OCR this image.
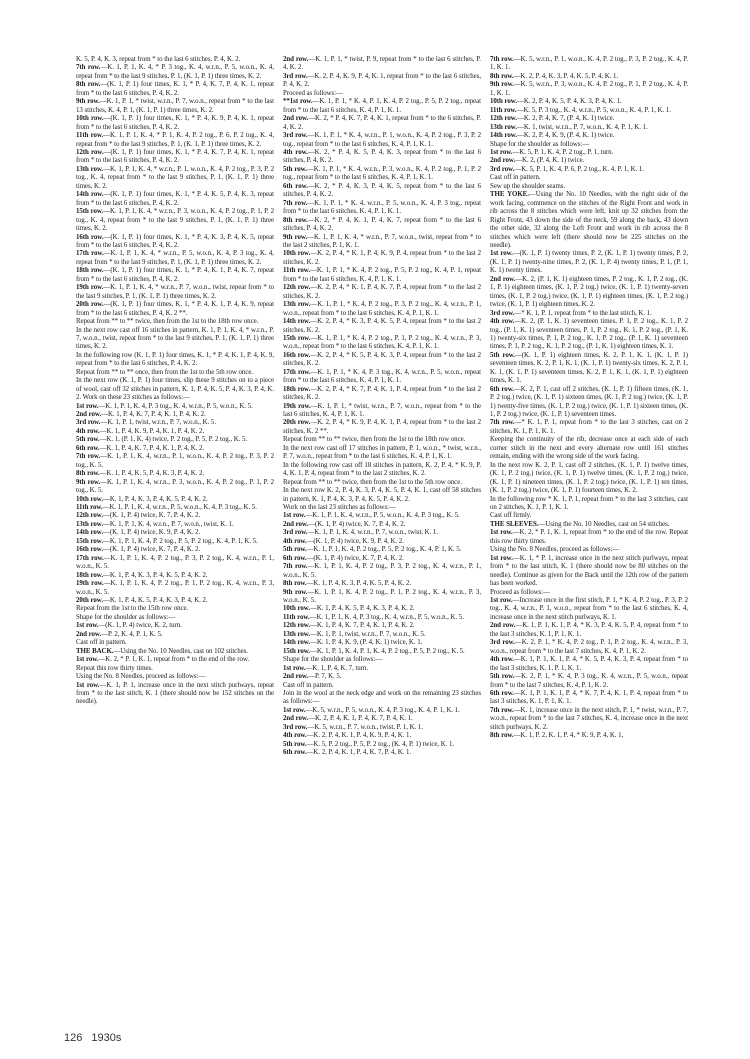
K. 5, P. 4, K. 3, repeat from * to the last 6 stitches, P. 4, K. 2.

7th row.—K. 1, P. 1, K. 4, * P. 3 tog., K. 4, w.r.n., P. 5, w.o.n., K. 4, repeat from * to the last 9 stitches, P. 1, (K. 1, P. 1) three times, K. 2.

8th row.—(K. 1, P. 1) four times, K. 1, * P. 4, K. 7, P. 4, K. 1, repeat from * to the last 6 stitches, P. 4, K. 2.

9th row.—K. 1, P. 1, * twist, w.r.n., P. 7, w.o.n., repeat from * to the last 13 stitches, K. 4, P. 1, (K. 1, P. 1) three times, K. 2.

10th row.—(K. 1, P. 1) four times, K. 1, * P. 4, K. 9, P. 4, K. 1, repeat from * to the last 6 stitches, P. 4, K. 2.

11th row.—K. 1, P. 1, K. 4, * P. 1, K. 4, P. 2 tog., P. 6, P. 2 tog., K. 4, repeat from * to the last 9 stitches, P. 1, (K. 1, P. 1) three times, K. 2.

12th row.—(K. 1, P. 1) four times, K. 1, * P. 4, K. 7, P. 4, K. 1, repeat from * to the last 6 stitches, P. 4, K. 2.

13th row.—K. 1, P. 1, K. 4, * w.r.n., P. 1, w.o.n., K. 4, P. 2 tog., P. 3, P. 2 tog., K. 4, repeat from * to the last 9 stitches, P. 1, (K. 1, P. 1) three times, K. 2.

14th row.—(K. 1, P. 1) four times, K. 1, * P. 4, K. 5, P. 4, K. 3, repeat from * to the last 6 stitches, P. 4, K. 2.

15th row.—K. 1, P. 1, K. 4, * w.r.n., P. 3, w.o.n., K. 4, P. 2 tog., P. 1, P. 2 tog., K. 4, repeat from * to the last 9 stitches, P. 1, (K. 1, P. 1) three times, K. 2.

16th row.—(K. 1, P. 1) four times, K. 1, * P. 4, K. 3, P. 4, K. 5, repeat from * to the last 6 stitches, P. 4, K. 2.

17th row.—K. 1, P. 1, K. 4, * w.r.n., P. 5, w.o.n., K. 4, P. 3 tog., K. 4, repeat from * to the last 9 stitches, P. 1, (K. 1, P. 1) three times, K. 2.

18th row.—(K. 1, P. 1) four times, K. 1, * P. 4, K. 1, P. 4, K. 7, repeat from * to the last 6 stitches, P. 4, K. 2.

19th row.—K. 1, P. 1, K. 4, * w.r.n., P. 7, w.o.n., twist, repeat from * to the last 9 stitches, P. 1, (K. 1, P. 1) three times, K. 2.

20th row.—(K. 1, P. 1) four times, K. 1, * P. 4, K. 1, P. 4, K. 9, repeat from * to the last 6 stitches, P. 4, K. 2 **.

Repeat from ** to ** twice, then from the 1st to the 18th row once.

In the next row cast off 16 stitches in pattern, K. 1, P. 1, K. 4, * w.r.n., P. 7, w.o.n., twist, repeat from * to the last 9 stitches, P. 1, (K. 1, P. 1) three times, K. 2.

In the following row (K. 1, P. 1) four times, K. 1, * P. 4, K. 1, P. 4, K. 9, repeat from * to the last 6 stitches, P. 4, K. 2.

Repeat from ** to ** once, then from the 1st to the 5th row once.

In the next row (K. 1, P. 1) four times, slip these 9 stitches on to a piece of wool, cast off 32 stitches in pattern, K. 1, P. 4, K. 5, P. 4, K. 3, P. 4, K. 2. Work on these 23 stitches as follows:—

1st row.—K. 1, P. 1, K. 4, P. 3 tog., K. 4, w.r.n., P. 5, w.o.n., K. 5.

2nd row.—K. 1, P. 4, K. 7, P. 4, K. 1, P. 4, K. 2.

3rd row.—K. 1, P. 1, twist, w.r.n., P. 7, w.o.n., K. 5.

4th row.—K. 1, P. 4, K. 9, P. 4, K. 1, P. 4, K. 2.

5th row.—K. 1, (P. 1, K. 4) twice, P. 2 tog., P. 5, P. 2 tog., K. 5.

6th row.—K. 1, P. 4, K. 7, P. 4, K. 1, P. 4, K. 2.

7th row.—K. 1, P. 1, K. 4, w.r.n., P. 1, w.o.n., K. 4, P. 2 tog., P. 3, P. 2 tog., K. 5.

8th row.—K. 1, P. 4, K. 5, P. 4, K. 3, P. 4, K. 2.

9th row.—K. 1, P. 1, K. 4, w.r.n., P. 3, w.o.n., K. 4, P. 2 tog., P. 1, P. 2 tog., K. 5.

10th row.—K. 1, P. 4, K. 3, P. 4, K. 5, P. 4, K. 2.

11th row.—K. 1, P. 1, K. 4, w.r.n., P. 5, w.o.n., K. 4, P. 3 tog., K. 5.

12th row.—(K. 1, P. 4) twice, K. 7, P. 4, K. 2.

13th row.—K. 1, P. 1, K. 4, w.r.n., P. 7, w.o.n., twist, K. 1.

14th row.—(K. 1, P. 4) twice, K. 9, P. 4, K. 2.

15th row.—K. 1, P. 1, K. 4, P. 2 tog., P. 5, P. 2 tog., K. 4, P. 1, K. 5.

16th row.—(K. 1, P. 4) twice, K. 7, P. 4, K. 2.

17th row.—K. 1, P. 1, K. 4, P. 2 tog., P. 3, P. 2 tog., K. 4, w.r.n., P. 1, w.o.n., K. 5.

18th row.—K. 1, P. 4, K. 3, P. 4, K. 5, P. 4, K. 2.

19th row.—K. 1, P. 1, K. 4, P. 2 tog., P. 1, P. 2 tog., K. 4, w.r.n., P. 3, w.o.n., K. 5.

20th row.—K. 1, P. 4, K. 5, P. 4, K. 3, P. 4, K. 2.

Repeat from the 1st to the 15th row once.

Shape for the shoulder as follows:—

1st row.—(K. 1, P. 4) twice, K. 2, turn.

2nd row.—P. 2, K. 4, P. 1, K. 5.

Cast off in pattern.

THE BACK.—Using the No. 10 Needles, cast on 102 stitches.

1st row.—K. 2, * P. 1, K. 1, repeat from * to the end of the row.

Repeat this row thirty times.

Using the No. 8 Needles, proceed as follows:—

1st row.—K. 1, P. 1, increase once in the next stitch purlways, repeat from * to the last stitch, K. 1 (there should now be 152 stitches on the needle).

2nd row.—K. 1, P. 1, * twist, P. 9, repeat from * to the last 6 stitches, P. 4, K. 2.

3rd row.—K. 2, P. 4, K. 9, P. 4, K. 1, repeat from * to the last 6 stitches, P. 4, K. 2.

Proceed as follows:—

**1st row.—K. 1, P. 1, * K. 4, P. 1, K. 4, P. 2 tog., P. 5, P. 2 tog., repeat from * to the last 6 stitches, K. 4, P. 1, K. 1.

2nd row.—K. 2, * P. 4, K. 7, P. 4, K. 1, repeat from * to the 6 stitches, P. 4, K. 2.

3rd row.—K. 1, P. 1, * K. 4, w.r.n., P. 1, w.o.n., K. 4, P. 2 tog., P. 3, P. 2 tog., repeat from * to the last 6 stitches, K. 4, P. 1, K. 1.

4th row.—K. 2, * P. 4, K. 5, P. 4, K. 3, repeat from * to the last 6 stitches, P. 4, K. 2.

5th row.—K. 1, P. 1, * K. 4, w.r.n., P. 3, w.o.n., K. 4, P. 2 tog., P. 1, P. 2 tog., repeat from * to the last 6 stitches, K. 4, P. 1, K. 1.

6th row.—K. 2, * P. 4, K. 3, P. 4, K. 5, repeat from * to the last 6 stitches, P. 4, K. 2.

7th row.—K. 1, P. 1, * K. 4, w.r.n., P. 5, w.o.n., K. 4, P. 3 tog., repeat from * to the last 6 stitches, K. 4, P. 1, K. 1.

8th row.—K. 2, * P. 4, K. 1, P. 4, K. 7, repeat from * to the last 6 stitches, P. 4, K. 2.

9th row.—K. 1, P. 1, K. 4, * w.r.n., P. 7, w.o.n., twist, repeat from * to the last 2 stitches, P. 1, K. 1.

10th row.—K. 2, P. 4, * K. 1, P. 4, K. 9, P. 4, repeat from * to the last 2 stitches, K. 2.

11th row.—K. 1, P. 1, * K. 4, P. 2 tog., P. 5, P. 2 tog., K. 4, P. 1, repeat from * to the last 6 stitches, K. 4, P. 1, K. 1.

12th row.—K. 2, P. 4, * K. 1, P. 4, K. 7, P. 4, repeat from * to the last 2 stitches, K. 2.

13th row.—K. 1, P. 1, * K. 4, P. 2 tog., P. 3, P. 2 tog., K. 4, w.r.n., P. 1, w.o.n., repeat from * to the last 6 stitches, K. 4, P. 1, K. 1.

14th row.—K. 2, P. 4, * K. 3, P. 4, K. 5, P. 4, repeat from * to the last 2 stitches, K. 2.

15th row.—K. 1, P. 1, * K. 4, P. 2 tog., P. 1, P. 2 tog., K. 4, w.r.n., P. 3, w.o.n., repeat from * to the last 6 stitches, K. 4, P. 1, K. 1.

16th row.—K. 2, P. 4, * K. 5, P. 4, K. 3, P. 4, repeat from * to the last 2 stitches, K. 2.

17th row.—K. 1, P. 1, * K. 4, P. 3 tog., K. 4, w.r.n., P. 5, w.o.n., repeat from * to the last 6 stitches, K. 4, P. 1, K. 1.

18th row.—K. 2, P. 4, * K. 7, P. 4, K. 1, P. 4, repeat from * to the last 2 stitches, K. 2.

19th row.—K. 1, P. 1, * twist, w.r.n., P. 7, w.o.n., repeat from * to the last 6 stitches, K. 4, P. 1, K. 1.

20th row.—K. 2, P. 4, * K. 9, P. 4, K. 1, P. 4, repeat from * to the last 2 stitches, K. 2 **.

Repeat from ** to ** twice, then from the 1st to the 18th row once.

In the next row cast off 17 stitches in pattern, P. 1, w.o.n., * twist, w.r.n., P. 7, w.o.n., repeat from * to the last 6 stitches, K. 4, P. 1, K. 1.

In the following row cast off 18 stitches in pattern, K. 2, P. 4, * K. 9, P. 4, K. 1, P. 4, repeat from * to the last 2 stitches, K. 2.

Repeat from ** to ** twice, then from the 1st to the 5th row once.

In the next row K. 2, P. 4, K. 3, P. 4, K. 5, P. 4, K. 1, cast off 58 stitches in pattern, K. 1, P. 4, K. 3, P. 4, K. 5, P. 4, K. 2.

Work on the last 23 stitches as follows:—

1st row.—K. 1, P. 1, K. 4, w.r.n., P. 5, w.o.n., K. 4, P. 3 tog., K. 5.

2nd row.—(K. 1, P. 4) twice, K. 7, P. 4, K. 2.

3rd row.—K. 1, P. 1, K. 4, w.r.n., P. 7, w.o.n., twist, K. 1.

4th row.—(K. 1, P. 4) twice, K. 9, P. 4, K. 2.

5th row.—K. 1, P. 1, K. 4, P. 2 tog., P. 5, P. 2 tog., K. 4, P. 1, K. 5.

6th row.—(K. 1, P. 4) twice, K. 7, P. 4, K. 2.

7th row.—K. 1, P. 1, K. 4, P. 2 tog., P. 3, P. 2 tog., K. 4, w.r.n., P. 1, w.o.n., K. 5.

8th row.—K. 1, P. 4, K. 3, P. 4, K. 5, P. 4, K. 2.

9th row.—K. 1, P. 1, K. 4, P. 2 tog., P. 1, P. 2 tog., K. 4, w.r.n., P. 3, w.o.n., K. 5.

10th row.—K. 1, P. 4, K. 5, P. 4, K. 3, P. 4, K. 2.

11th row.—K. 1, P. 1, K. 4, P. 3 tog., K. 4, w.r.n., P. 5, w.o.n., K. 5.

12th row.—K. 1, P. 4, K. 7, P. 4, K. 1, P. 4, K. 2.

13th row.—K. 1, P. 1, twist, w.r.n., P. 7, w.o.n., K. 5.

14th row.—K. 1, P. 4, K. 9, (P. 4, K. 1) twice, K. 1.

15th row.—K. 1, P. 1, K. 4, P. 1, K. 4, P. 2 tog., P. 5, P. 2 tog., K. 5.

Shape for the shoulder as follows:—

1st row.—K. 1, P. 4, K. 7, turn.

2nd row.—P. 7, K. 5.

Cast off in pattern.

Join in the wool at the neck edge and work on the remaining 23 stitches as follows:—

1st row.—K. 5, w.r.n., P. 5, w.o.n., K. 4, P. 3 tog., K. 4, P. 1, K. 1.

2nd row.—K. 2, P. 4, K. 1, P. 4, K. 7, P. 4, K. 1.

3rd row.—K. 5, w.r.n., P. 7, w.o.n., twist, P. 1, K. 1.

4th row.—K. 2, P. 4, K. 1, P. 4, K. 9, P. 4, K. 1.

5th row.—K. 5, P. 2 tog., P. 5, P. 2 tog., (K. 4, P. 1) twice, K. 1.

6th row.—K. 2, P. 4, K. 1, P. 4, K. 7, P. 4, K. 1.

7th row.—K. 5, w.r.n., P. 1, w.o.n., K. 4, P. 2 tog., P. 3, P. 2 tog., K. 4, P. 1, K. 1.

8th row.—K. 2, P. 4, K. 3, P. 4, K. 5, P. 4, K. 1.

9th row.—K. 5, w.r.n., P. 3, w.o.n., K. 4, P. 2 tog., P. 1, P. 2 tog., K. 4, P. 1, K. 1.

10th row.—K. 2, P. 4, K. 5, P. 4, K. 3, P. 4, K. 1.

11th row.—K. 5, P. 3 tog., K. 4, w.r.n., P. 5, w.o.n., K. 4, P. 1, K. 1.

12th row.—K. 2, P. 4, K. 7, (P. 4, K. 1) twice.

13th row.—K. 1, twist, w.r.n., P. 7, w.o.n., K. 4, P. 1, K. 1.

14th row.—K. 2, P. 4, K. 9, (P. 4, K. 1) twice.

Shape for the shoulder as follows:—

1st row.—K. 5, P. 1, K. 4, P. 2 tog., P. 1, turn.

2nd row.—K. 2, (P. 4, K. 1) twice.

3rd row.—K. 5, P. 1, K. 4, P. 6, P. 2 tog., K. 4, P. 1, K. 1.

Cast off in pattern.

Sew up the shoulder seams.

THE YOKE.—Using the No. 10 Needles, with the right side of the work facing, commence on the stitches of the Right Front and work in rib across the 8 stitches which were left, knit up 32 stitches from the Right Front, 43 down the side of the neck, 59 along the back, 43 down the other side, 32 along the Left Front and work in rib across the 8 stitches which were left (there should now be 225 stitches on the needle).

1st row.—(K. 1, P. 1) twenty times, P. 2, (K. 1, P. 1) twenty times, P. 2, (K. 1, P. 1) twenty-nine times, P. 2, (K. 1, P. 4) twenty times, P. 1, (P. 1, K. 1) twenty times.

2nd row.—K. 2, (P. 1, K. 1) eighteen times, P. 2 tog., K. 1, P. 2 tog., (K. 1, P. 1) eighteen times, (K. 1, P. 2 tog.) twice, (K. 1, P. 1) twenty-seven times, (K. 1, P. 2 tog.) twice, (K. 1, P. 1) eighteen times, (K. 1, P. 2 tog.) twice, (K. 1, P. 1) eighteen times, K. 2.

3rd row.—* K. 1, P. 1, repeat from * to the last stitch, K. 1.

4th row.—K. 2, (P. 1, K. 1) seventeen times, P. 1, P. 2 tog., K. 1, P. 2 tog., (P. 1, K. 1) seventeen times, P. 1, P. 2 tog., K. 1, P. 2 tog., (P. 1, K. 1) twenty-six times, P. 1, P. 2 tog., K. 1, P. 2 tog., (P. 1, K. 1) seventeen times, P. 1, P. 2 tog., K. 1, P. 2 tog., (P. 1, K. 1) eighteen times, K. 1.

5th row.—(K. 1, P. 1) eighteen times, K. 2, P. 1, K. 1, (K. 1, P. 1) seventeen times, K. 2, P. 1, K. 1, (K. 1, P. 1) twenty-six times, K. 2, P. 1, K. 1, (K. 1, P. 1) seventeen times, K. 2, P. 1, K. 1, (K. 1, P. 1) eighteen times, K. 1.

6th row.—K. 2, P. 1, cast off 2 stitches, (K. 1, P. 1) fifteen times, (K. 1, P. 2 tog.) twice, (K. 1, P. 1) sixteen times, (K. 1, P. 2 tog.) twice, (K. 1, P. 1) twenty-five times, (K. 1, P. 2 tog.) twice, (K. 1, P. 1) sixteen times, (K. 1, P. 2 tog.) twice, (K. 1, P. 1) seventeen times.

7th row.—* K. 1, P. 1, repeat from * to the last 3 stitches, cast on 2 stitches, K. 1, P. 1, K. 1.

Keeping the continuity of the rib, decrease once at each side of each corner stitch in the next and every alternate row until 161 stitches remain, ending with the wrong side of the work facing.

In the next row K. 2, P. 1, cast off 2 stitches, (K. 1, P. 1) twelve times, (K. 1, P. 2 tog.) twice, (K. 1, P. 1) twelve times, (K. 1, P. 2 tog.) twice, (K. 1, P. 1) nineteen times, (K. 1, P. 2 tog.) twice, (K. 1, P. 1) ten times, (K. 1, P. 2 tog.) twice, (K. 1, P. 1) fourteen times, K. 2.

In the following row * K. 1, P. 1, repeat from * to the last 3 stitches, cast on 2 stitches, K. 1, P. 1, K. 1.

Cast off firmly.

THE SLEEVES.—Using the No. 10 Needles, cast on 54 stitches.

1st row.—K. 2, * P. 1, K. 1, repeat from * to the end of the row. Repeat this row thirty times.

Using the No. 8 Needles, proceed as follows:—

1st row.—K. 1, * P. 1, increase once in the next stitch purlways, repeat from * to the last stitch, K. 1 (there should now be 80 stitches on the needle). Continue as given for the Back until the 12th row of the pattern has been worked.

Proceed as follows:—

1st row.—Increase once in the first stitch, P. 1, * K. 4, P. 2 tog., P. 3, P. 2 tog., K. 4, w.r.n., P. 1, w.o.n., repeat from * to the last 6 stitches, K. 4, increase once in the next stitch purlways, K. 1.

2nd row.—K. 1, P. 1, K. 1, P. 4, * K. 3, P. 4, K. 5, P. 4, repeat from * to the last 3 stitches, K. 1, P. 1, K. 1.

3rd row.—K. 2, P. 1, * K. 4, P. 2 tog., P. 1, P. 2 tog., K. 4, w.r.n., P. 3, w.o.n., repeat from * to the last 7 stitches, K. 4, P. 1, K. 2.

4th row.—K. 1, P. 1, K. 1, P. 4, * K. 5, P. 4, K. 3, P. 4, repeat from * to the last 3 stitches, K. 1, P. 1, K. 1.

5th row.—K. 2, P. 1, * K. 4, P. 3 tog., K. 4, w.r.n., P. 5, w.o.n., repeat from * to the last 7 stitches, K. 4, P. 1, K. 2.

6th row.—K. 1, P. 1, K. 1, P. 4, * K. 7, P. 4, K. 1, P. 4, repeat from * to last 3 stitches, K. 1, P. 1, K. 1.

7th row.—K. 1, increase once in the next stitch, P. 1, * twist, w.r.n., P. 7, w.o.n., repeat from * to the last 7 stitches, K. 4, increase once in the next stitch purlways, K. 2.

8th row.—K. 1, P. 2, K. 1, P. 4, * K. 9, P. 4, K. 1,

126 1930s
